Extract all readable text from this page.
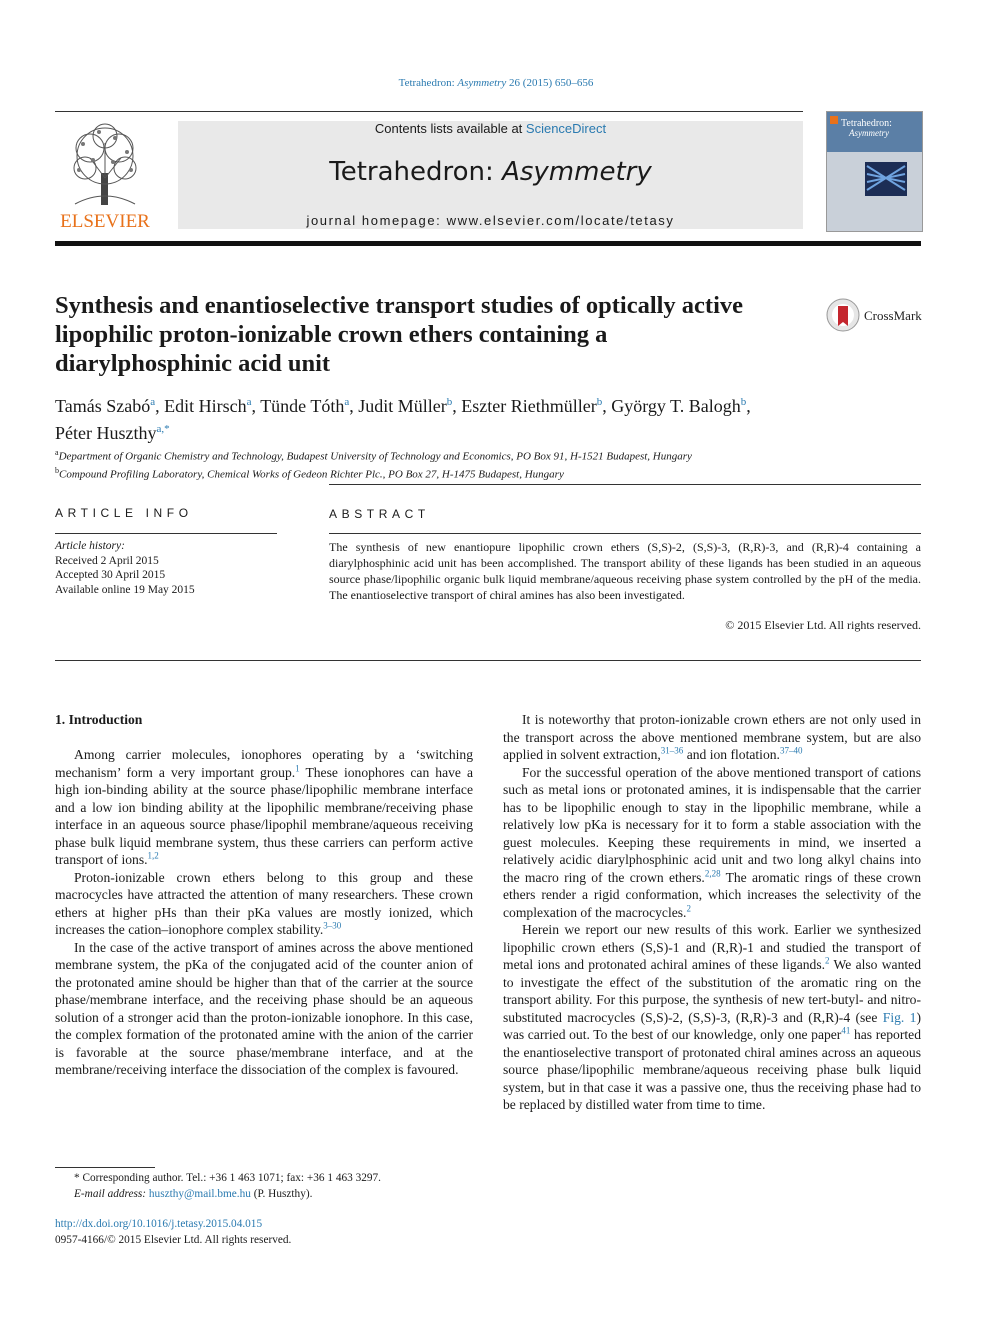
Tetrahedron: Asymmetry 26 (2015) 650–656
ELSEVIER
Contents lists available at ScienceDirect
Tetrahedron: Asymmetry
journal homepage: www.elsevier.com/locate/tetasy
Tetrahedron:
Asymmetry
Synthesis and enantioselective transport studies of optically active
lipophilic proton-ionizable crown ethers containing a
diarylphosphinic acid unit
CrossMark
Tamás Szabó$^a$, Edit Hirsch$^a$, Tünde Tóth$^a$, Judit Müller$^b$, Eszter Riethmüller$^b$, György T. Balogh$^b$,
Péter Huszthy$^{a,*}$
$^a$Department of Organic Chemistry and Technology, Budapest University of Technology and Economics, PO Box 91, H-1521 Budapest, Hungary
$^b$Compound Profiling Laboratory, Chemical Works of Gedeon Richter Plc., PO Box 27, H-1475 Budapest, Hungary
ARTICLE INFO	ABSTRACT
Article history:
Received 2 April 2015
Accepted 30 April 2015
Available online 19 May 2015
The synthesis of new enantiopure lipophilic crown ethers (S,S)-2, (S,S)-3, (R,R)-3, and (R,R)-4 containing a diarylphosphinic acid unit has been accomplished. The transport ability of these ligands has been studied in an aqueous source phase/lipophilic organic bulk liquid membrane/aqueous receiving phase system controlled by the pH of the media. The enantioselective transport of chiral amines has also been investigated.
© 2015 Elsevier Ltd. All rights reserved.
1. Introduction

Among carrier molecules, ionophores operating by a ‘switching mechanism’ form a very important group.$^1$ These ionophores can have a high ion-binding ability at the source phase/lipophilic membrane interface and a low ion binding ability at the lipophilic membrane/receiving phase interface in an aqueous source phase/lipophil membrane/aqueous receiving phase bulk liquid membrane system, thus these carriers can perform active transport of ions.$^{1,2}$

Proton-ionizable crown ethers belong to this group and these macrocycles have attracted the attention of many researchers. These crown ethers at higher pHs than their pKa values are mostly ionized, which increases the cation–ionophore complex stability.$^{3-30}$

In the case of the active transport of amines across the above mentioned membrane system, the pKa of the conjugated acid of the counter anion of the protonated amine should be higher than that of the carrier at the source phase/membrane interface, and the receiving phase should be an aqueous solution of a stronger acid than the proton-ionizable ionophore. In this case, the complex formation of the protonated amine with the anion of the carrier is favorable at the source phase/membrane interface, and at the membrane/receiving interface the dissociation of the complex is favoured.

It is noteworthy that proton-ionizable crown ethers are not only used in the transport across the above mentioned membrane system, but are also applied in solvent extraction,$^{31-36}$ and ion flotation.$^{37-40}$

For the successful operation of the above mentioned transport of cations such as metal ions or protonated amines, it is indispensable that the carrier has to be lipophilic enough to stay in the lipophilic membrane, while a relatively low pKa is necessary for it to form a stable association with the guest molecules. Keeping these requirements in mind, we inserted a relatively acidic diarylphosphinic acid unit and two long alkyl chains into the macro ring of the crown ethers.$^{2,28}$ The aromatic rings of these crown ethers render a rigid conformation, which increases the selectivity of the complexation of the macrocycles.$^2$

Herein we report our new results of this work. Earlier we synthesized lipophilic crown ethers (S,S)-1 and (R,R)-1 and studied the transport of metal ions and protonated achiral amines of these ligands.$^2$ We also wanted to investigate the effect of the substitution of the aromatic ring on the transport ability. For this purpose, the synthesis of new tert-butyl- and nitro-substituted macrocycles (S,S)-2, (S,S)-3, (R,R)-3 and (R,R)-4 (see Fig. 1) was carried out. To the best of our knowledge, only one paper$^{41}$ has reported the enantioselective transport of protonated chiral amines across an aqueous source phase/lipophilic membrane/aqueous receiving phase bulk liquid system, but in that case it was a passive one, thus the receiving phase had to be replaced by distilled water from time to time.

* Corresponding author. Tel.: +36 1 463 1071; fax: +36 1 463 3297.
E-mail address: huszthy@mail.bme.hu (P. Huszthy).
http://dx.doi.org/10.1016/j.tetasy.2015.04.015
0957-4166/© 2015 Elsevier Ltd. All rights reserved.
